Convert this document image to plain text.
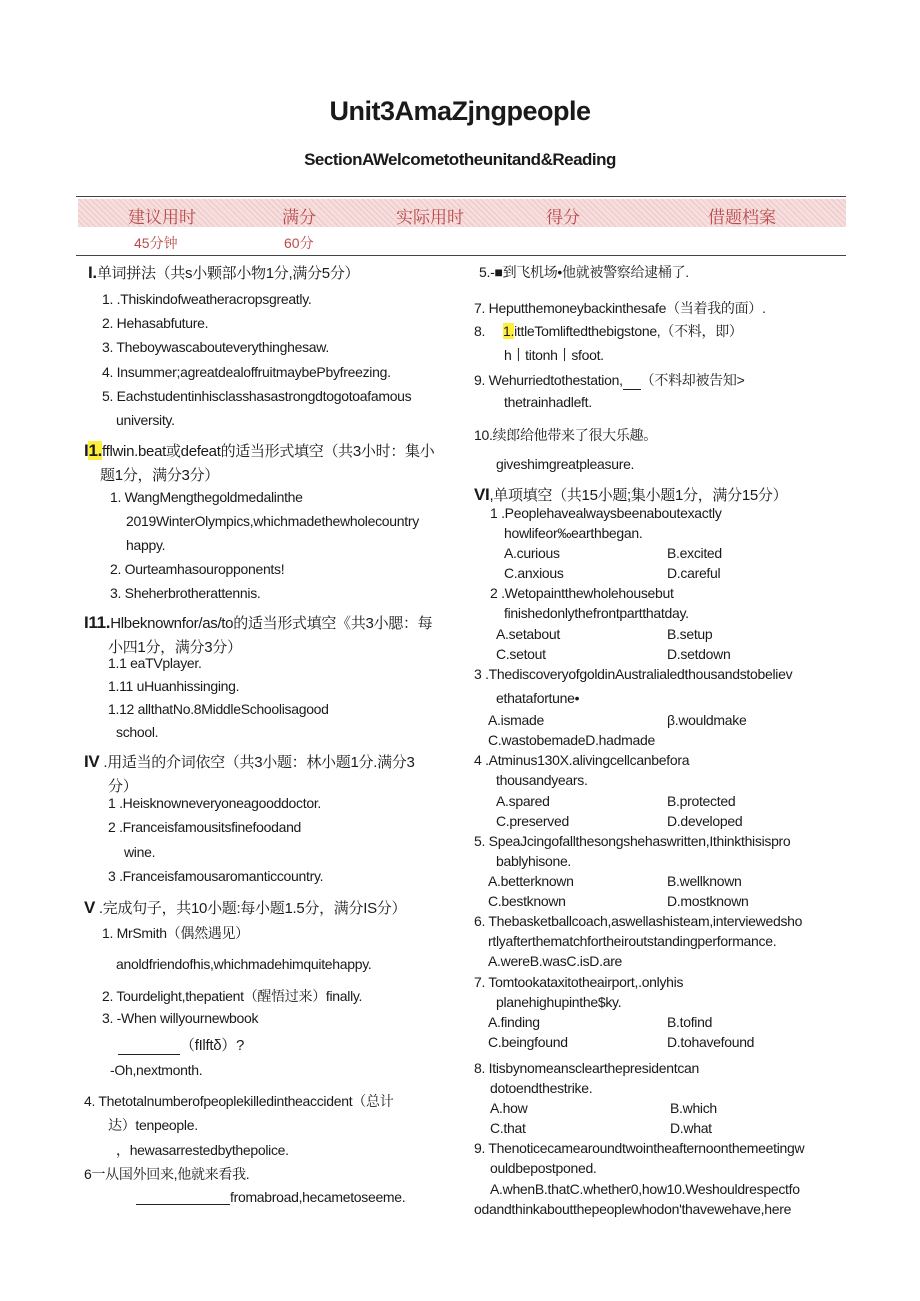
Unit3AmaZjngpeople
SectionAWelcometotheunitand&Reading
建议用时	满分	实际用时	得分	借题档案
45分钟	60分
I.单词拼法（共s小颗部小物1分,满分5分）
1. .Thiskindofweatheracropsgreatly.
2. Hehasabfuture.
3. Theboywascabouteverythinghesaw.
4. Insummer;agreatdealoffruitmaybePbyfreezing.
5. Eachstudentinhisclasshasastrongdtogotoafamous
university.
I1.fflwin.beat或defeat的适当形式填空（共3小时：集小
题1分，满分3分）
1. WangMengthegoldmedalinthe
2019WinterOlympics,whichmadethewholecountry
happy.
2. Ourteamhasouropponents!
3. Sheherbrotherattennis.
I11.Hlbeknownfor/as/to的适当形式填空《共3小腮：每
小四1分，满分3分）
1.1 eaTVplayer.
1.11 uHuanhissinging.
1.12 allthatNo.8MiddleSchoolisagood
school.
IV .用适当的介词依空（共3小题：林小题1分.满分3
分）
1 .Heisknowneveryoneagooddoctor.
2 .Franceisfamousitsfinefoodand
wine.
3 .Franceisfamousaromanticcountry.
V .完成句子，共10小题:每小题1.5分，满分IS分）
1. MrSmith（偶然遇见）
anoldfriendofhis,whichmadehimquitehappy.
2. Tourdelight,thepatient（醒悟过来）finally.
3. -When willyournewbook
（fIlftδ）?
-Oh,nextmonth.
4. Thetotalnumberofpeoplekilledintheaccident（总计
达）tenpeople.
，hewasarrestedbythepolice.
6一从国外回来,他就来看我.
fromabroad,hecametoseeme.
5.-■到飞机场•他就被警察给逮桶了.
7. Heputthemoneybackinthesafe（当着我的面）.
8. 1.ittleTomliftedthebigstone,（不料，即）
h丨titonh丨sfoot.
9. Wehurriedtothestation, （不料却被告知>
thetrainhadleft.
10.续郎给他带来了很大乐趣。
giveshimgreatpleasure.
VI,单项填空（共15小题;集小题1分，满分15分）
1 .Peoplehavealwaysbeenaboutexactly
howlifeor‰earthbegan.
A.curious	B.excited
C.anxious	D.careful
2 .Wetopaintthewholehousebut
finishedonlythefrontpartthatday.
A.setabout	B.setup
C.setout	D.setdown
3 .ThediscoveryofgoldinAustralialedthousandstobeliev
ethatafortune•
A.ismade	β.wouldmake
C.wastobemadeD.hadmade
4 .Atminus130X.alivingcellcanbefora
thousandyears.
A.spared	B.protected
C.preserved	D.developed
5. SpeaJcingofallthesongshehaswritten,Ithinkthisispro
bablyhisone.
A.betterknown	B.wellknown
C.bestknown	D.mostknown
6. Thebasketballcoach,aswellashisteam,interviewedsho
rtlyafterthematchfortheiroutstandingperformance.
A.wereB.wasC.isD.are
7. Tomtookataxitotheairport,.onlyhis
planehighupinthe$ky.
A.finding	B.tofind
C.beingfound	D.tohavefound
8. Itisbynomeansclearthepresidentcan
dotoendthestrike.
A.how	B.which
C.that	D.what
9. Thenoticecamearoundtwointheafternoonthemeetingw
ouldbepostponed.
A.whenB.thatC.whether0,how10.Weshouldrespectfo
odandthinkaboutthepeoplewhodon'thavewehave,here
